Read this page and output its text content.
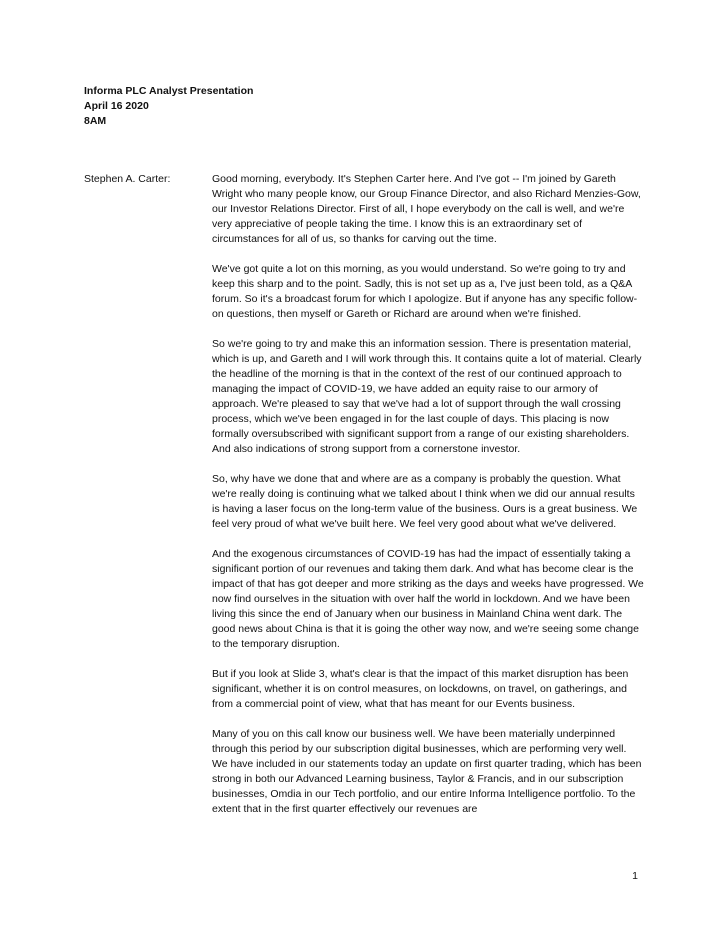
Informa PLC Analyst Presentation
April 16 2020
8AM
Stephen A. Carter:	Good morning, everybody. It's Stephen Carter here. And I've got -- I'm joined by Gareth Wright who many people know, our Group Finance Director, and also Richard Menzies-Gow, our Investor Relations Director. First of all, I hope everybody on the call is well, and we're very appreciative of people taking the time. I know this is an extraordinary set of circumstances for all of us, so thanks for carving out the time.

We've got quite a lot on this morning, as you would understand. So we're going to try and keep this sharp and to the point. Sadly, this is not set up as a, I've just been told, as a Q&A forum. So it's a broadcast forum for which I apologize. But if anyone has any specific follow-on questions, then myself or Gareth or Richard are around when we're finished.

So we're going to try and make this an information session. There is presentation material, which is up, and Gareth and I will work through this. It contains quite a lot of material. Clearly the headline of the morning is that in the context of the rest of our continued approach to managing the impact of COVID-19, we have added an equity raise to our armory of approach. We're pleased to say that we've had a lot of support through the wall crossing process, which we've been engaged in for the last couple of days. This placing is now formally oversubscribed with significant support from a range of our existing shareholders. And also indications of strong support from a cornerstone investor.

So, why have we done that and where are as a company is probably the question. What we're really doing is continuing what we talked about I think when we did our annual results is having a laser focus on the long-term value of the business. Ours is a great business. We feel very proud of what we've built here. We feel very good about what we've delivered.

And the exogenous circumstances of COVID-19 has had the impact of essentially taking a significant portion of our revenues and taking them dark. And what has become clear is the impact of that has got deeper and more striking as the days and weeks have progressed. We now find ourselves in the situation with over half the world in lockdown. And we have been living this since the end of January when our business in Mainland China went dark. The good news about China is that it is going the other way now, and we're seeing some change to the temporary disruption.

But if you look at Slide 3, what's clear is that the impact of this market disruption has been significant, whether it is on control measures, on lockdowns, on travel, on gatherings, and from a commercial point of view, what that has meant for our Events business.

Many of you on this call know our business well. We have been materially underpinned through this period by our subscription digital businesses, which are performing very well. We have included in our statements today an update on first quarter trading, which has been strong in both our Advanced Learning business, Taylor & Francis, and in our subscription businesses, Omdia in our Tech portfolio, and our entire Informa Intelligence portfolio. To the extent that in the first quarter effectively our revenues are

1
